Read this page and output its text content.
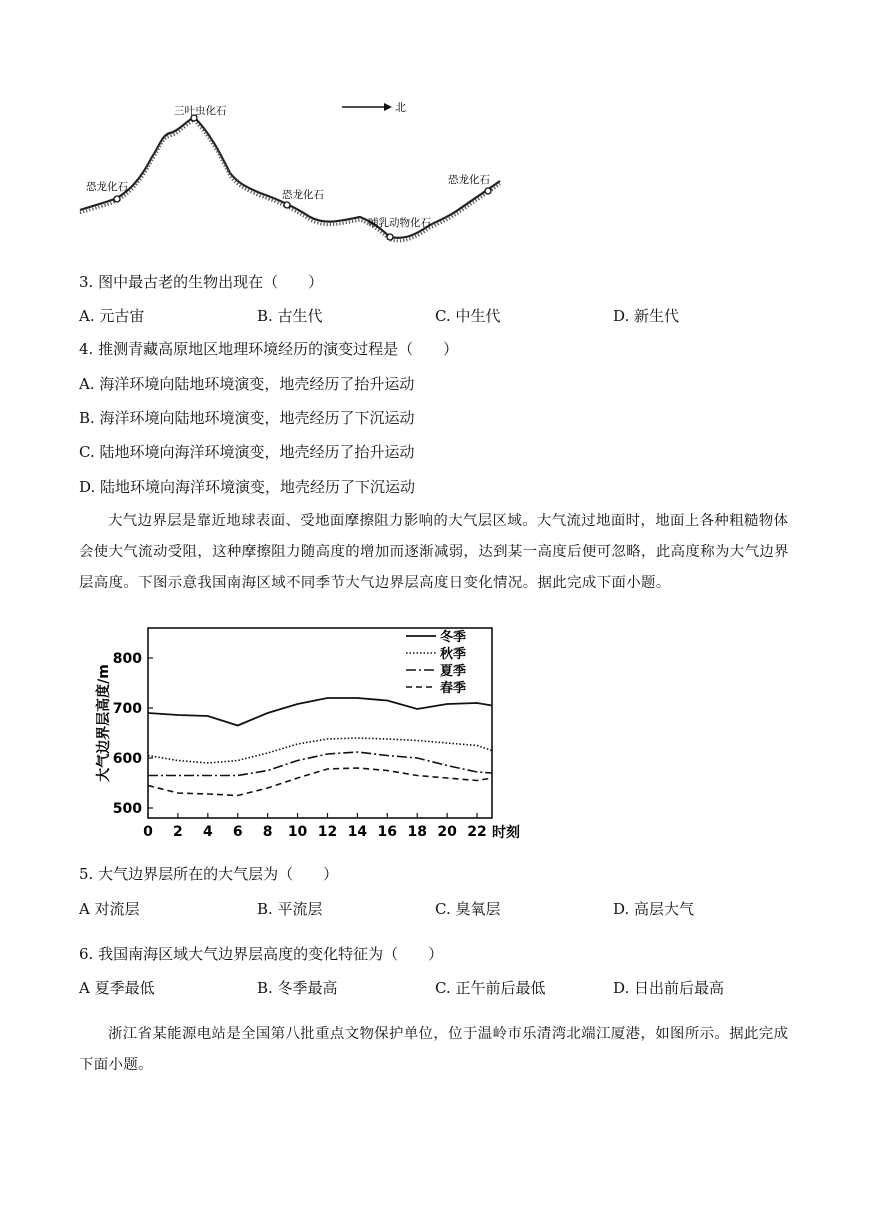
北
三叶虫化石
恐龙化石
恐龙化石
哺乳动物化石
恐龙化石
3. 图中最古老的生物出现在（　　）
A. 元古宙	B. 古生代	C. 中生代	D. 新生代
4. 推测青藏高原地区地理环境经历的演变过程是（　　）
A. 海洋环境向陆地环境演变，地壳经历了抬升运动
B. 海洋环境向陆地环境演变，地壳经历了下沉运动
C. 陆地环境向海洋环境演变，地壳经历了抬升运动
D. 陆地环境向海洋环境演变，地壳经历了下沉运动
大气边界层是靠近地球表面、受地面摩擦阻力影响的大气层区域。大气流过地面时，地面上各种粗糙物体会使大气流动受阻，这种摩擦阻力随高度的增加而逐渐减弱，达到某一高度后便可忽略，此高度称为大气边界层高度。下图示意我国南海区域不同季节大气边界层高度日变化情况。据此完成下面小题。
0 2 4 6 8 10 12 14 16 18 20 22
500
600
700
800
大气边界层高度/m
时刻
冬季
秋季
夏季
春季
5. 大气边界层所在的大气层为（　　）
A 对流层	B. 平流层	C. 臭氧层	D. 高层大气
6. 我国南海区域大气边界层高度的变化特征为（　　）
A 夏季最低	B. 冬季最高	C. 正午前后最低	D. 日出前后最高
浙江省某能源电站是全国第八批重点文物保护单位，位于温岭市乐清湾北端江厦港，如图所示。据此完成下面小题。
